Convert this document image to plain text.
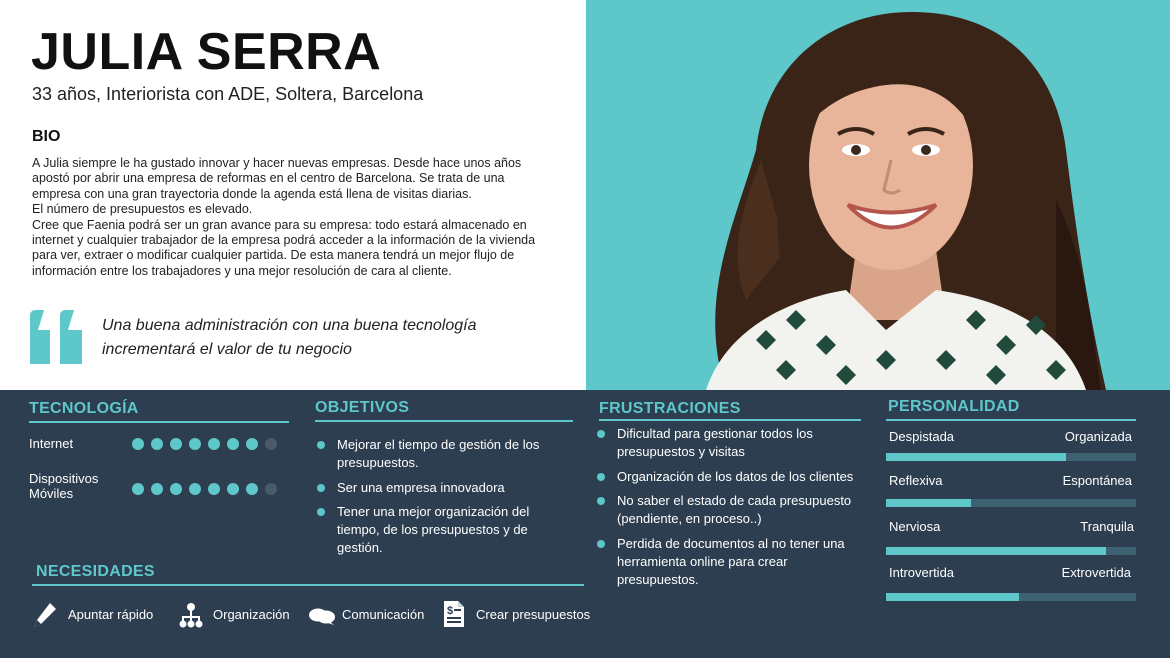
JULIA SERRA
33 años, Interiorista con ADE, Soltera, Barcelona
BIO
A Julia siempre le ha gustado innovar y hacer nuevas empresas. Desde hace unos años
apostó por abrir una empresa de reformas en el centro de Barcelona. Se trata de una
empresa con una gran trayectoria donde la agenda está llena de visitas diarias.
El número de presupuestos es elevado.
Cree que Faenia podrá ser un gran avance para su empresa: todo estará almacenado en
internet y cualquier trabajador de la empresa podrá acceder a la información de la vivienda
para ver, extraer o modificar cualquier partida. De esta manera tendrá un mejor flujo de
información entre los trabajadores y una mejor resolución de cara al cliente.
Una buena administración con una buena tecnología
incrementará el valor de tu negocio
TECNOLOGÍA
Internet
Dispositivos
Móviles
OBJETIVOS
Mejorar el tiempo de gestión de los
presupuestos.
Ser una empresa innovadora
Tener una mejor organización del
tiempo, de los presupuestos y de
gestión.
FRUSTRACIONES
Dificultad para gestionar todos los
presupuestos y visitas
Organización de los datos de los clientes
No saber el estado de cada presupuesto
(pendiente, en proceso..)
Perdida de documentos al no tener una
herramienta online para crear
presupuestos.
PERSONALIDAD
Despistada	Organizada
Reflexiva	Espontánea
Nerviosa	Tranquila
Introvertida	Extrovertida
NECESIDADES
Apuntar rápido	Organización	Comunicación $ Crear presupuestos
